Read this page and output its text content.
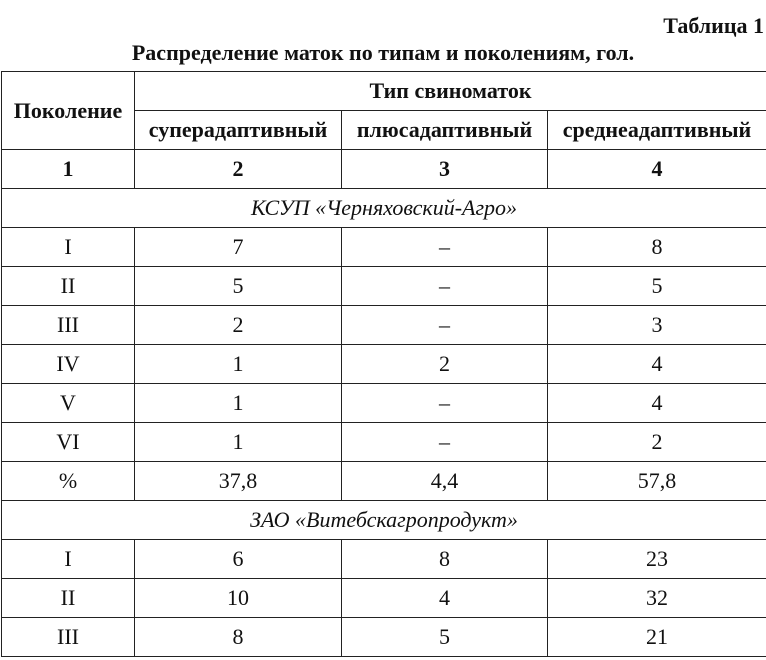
Таблица 1
Распределение маток по типам и поколениям, гол.
Поколение	Тип свиноматок		
	суперадаптивный	плюсадаптивный	среднеадаптивный
1	2	3	4
КСУП «Черняховский-Агро»			
I	7	–	8
II	5	–	5
III	2	–	3
IV	1	2	4
V	1	–	4
VI	1	–	2
%	37,8	4,4	57,8
ЗАО «Витебскагропродукт»			
I	6	8	23
II	10	4	32
III	8	5	21
